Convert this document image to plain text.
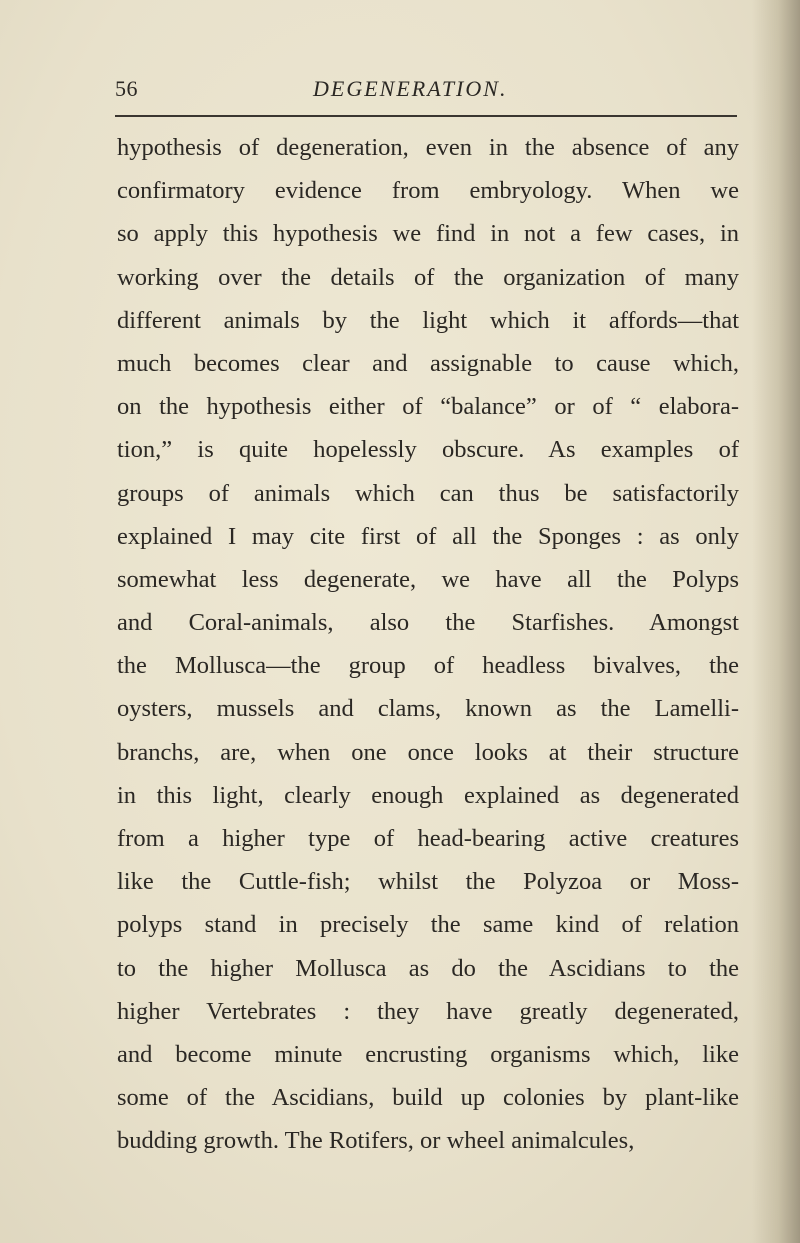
56	DEGENERATION.
hypothesis of degeneration, even in the absence of any
confirmatory evidence from embryology. When we
so apply this hypothesis we find in not a few cases, in
working over the details of the organization of many
different animals by the light which it affords—that
much becomes clear and assignable to cause which,
on the hypothesis either of “balance” or of “ elabora-
tion,” is quite hopelessly obscure. As examples of
groups of animals which can thus be satisfactorily
explained I may cite first of all the Sponges : as only
somewhat less degenerate, we have all the Polyps
and Coral-animals, also the Starfishes. Amongst
the Mollusca—the group of headless bivalves, the
oysters, mussels and clams, known as the Lamelli-
branchs, are, when one once looks at their structure
in this light, clearly enough explained as degenerated
from a higher type of head-bearing active creatures
like the Cuttle-fish; whilst the Polyzoa or Moss-
polyps stand in precisely the same kind of relation
to the higher Mollusca as do the Ascidians to the
higher Vertebrates : they have greatly degenerated,
and become minute encrusting organisms which, like
some of the Ascidians, build up colonies by plant-like
budding growth. The Rotifers, or wheel animalcules,
